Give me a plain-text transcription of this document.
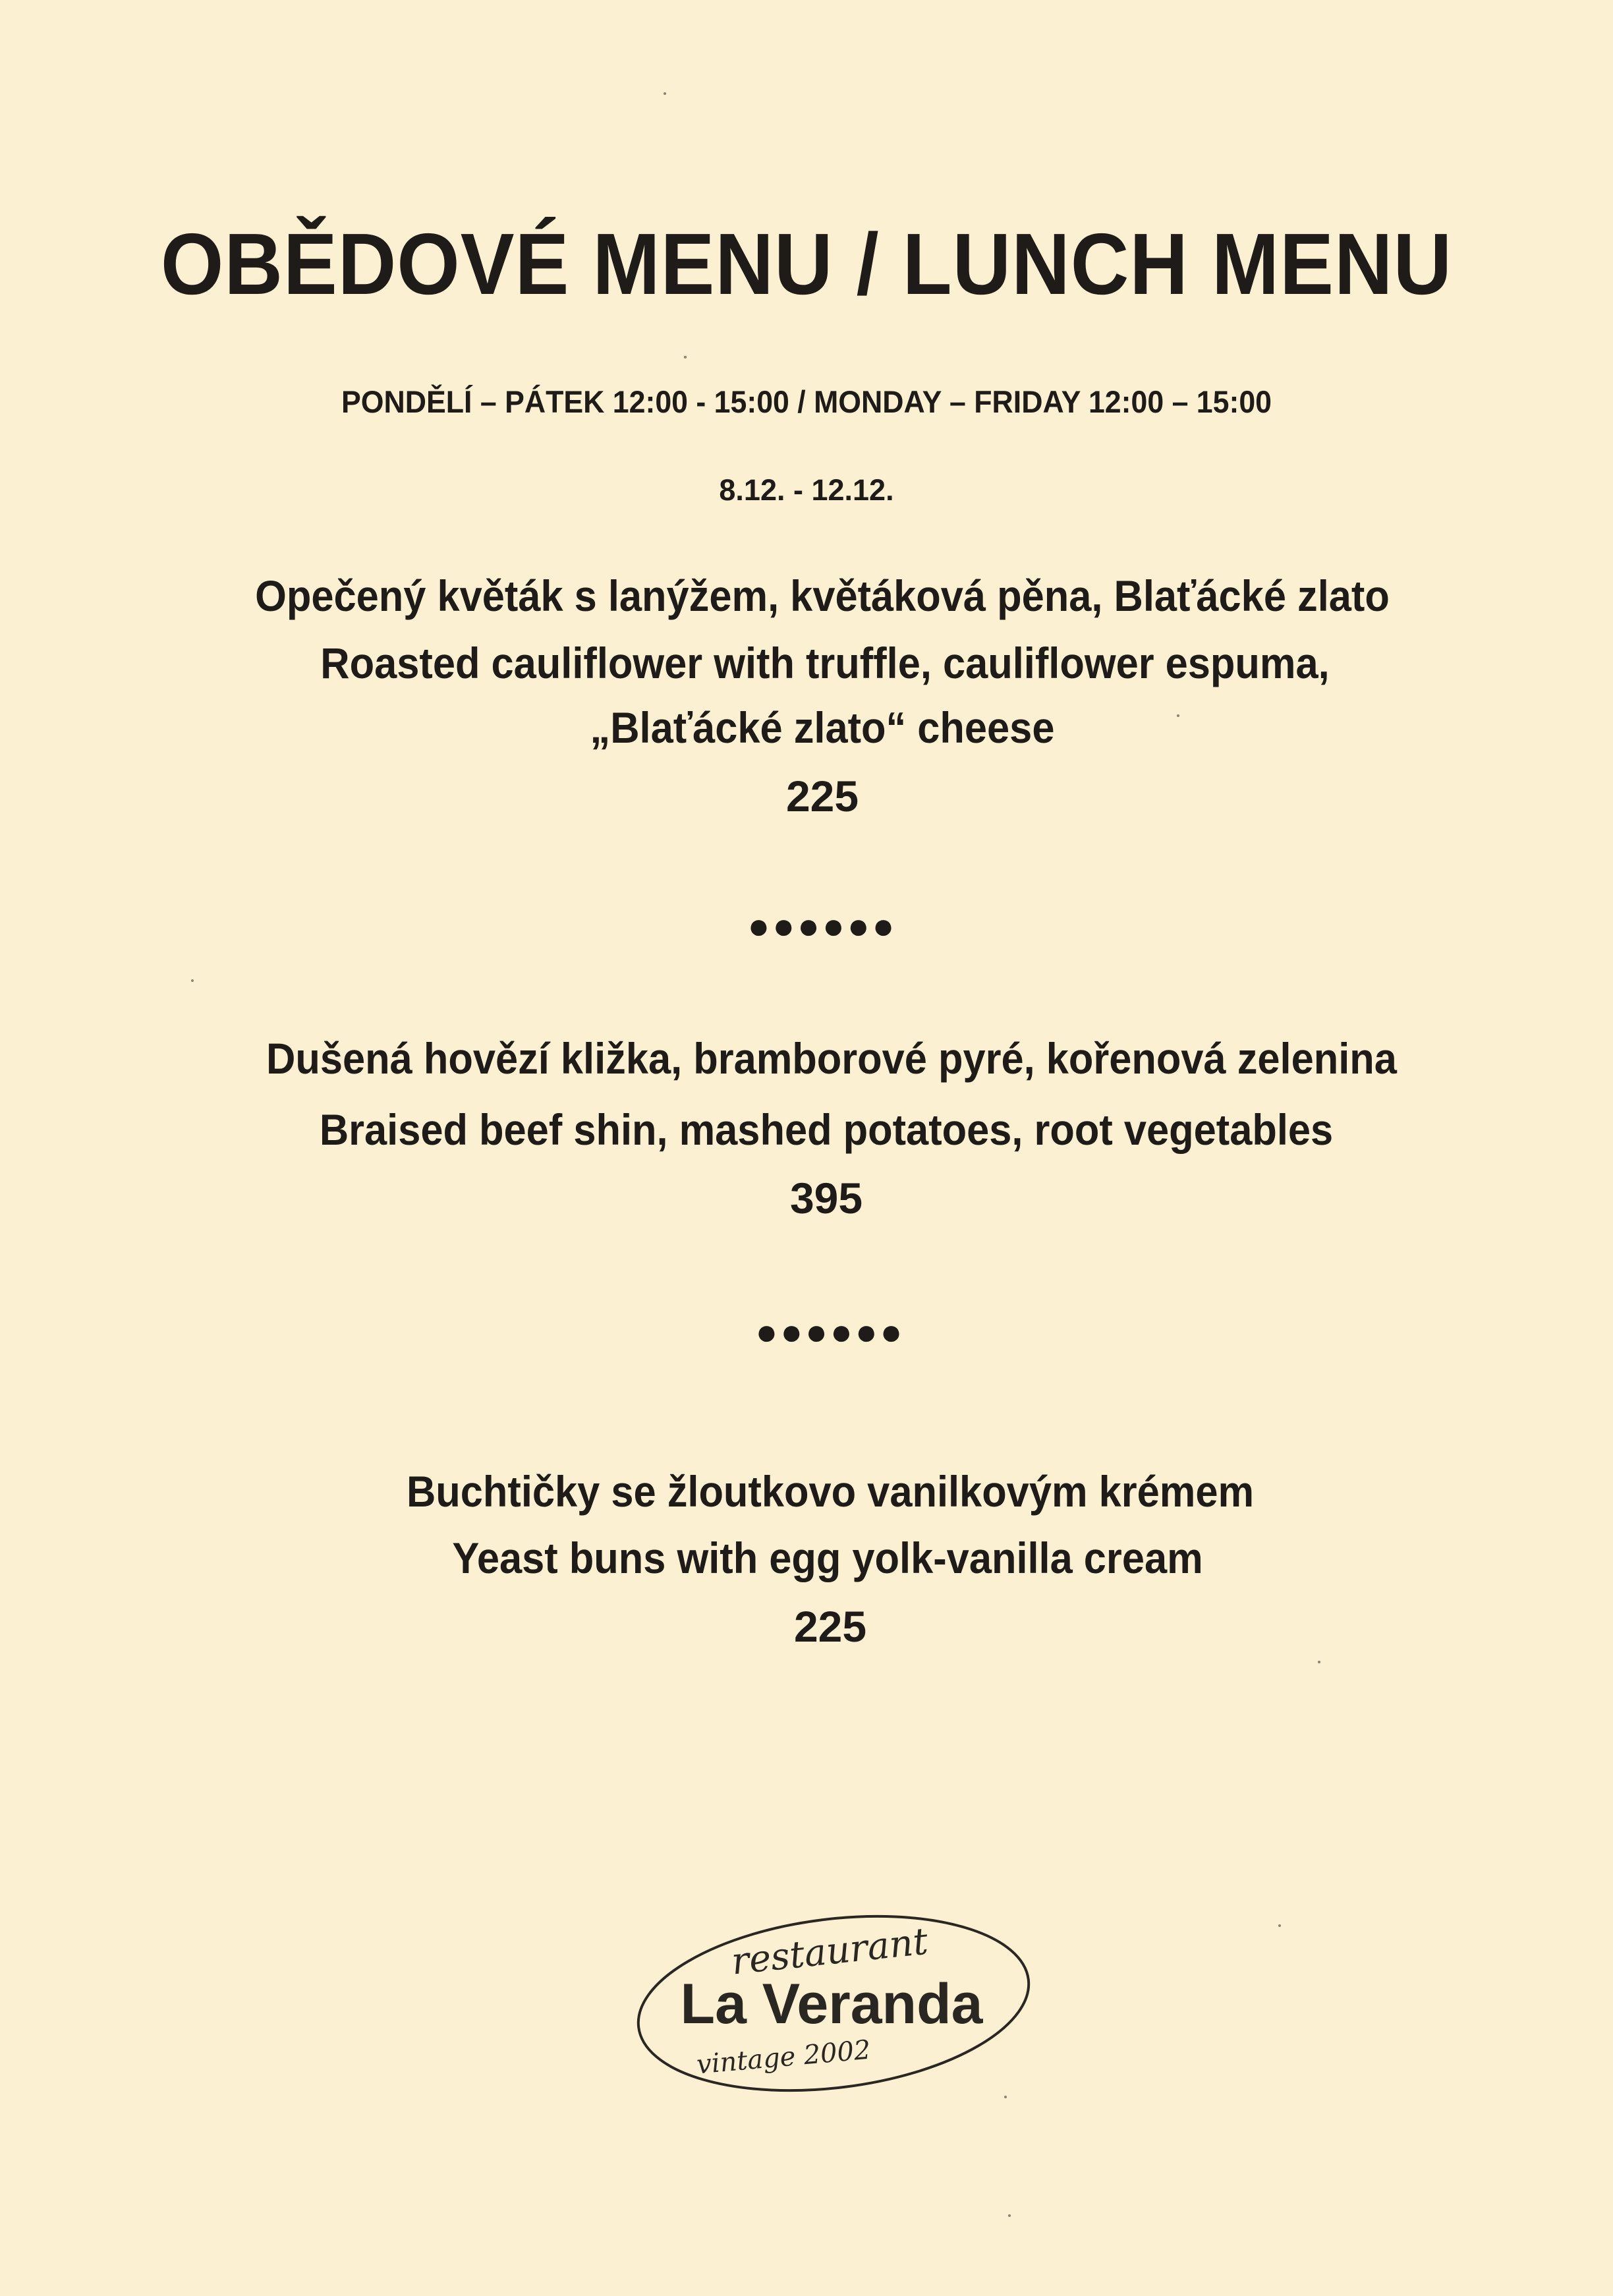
OBĚDOVÉ MENU / LUNCH MENU
PONDĚLÍ – PÁTEK 12:00 - 15:00 / MONDAY – FRIDAY 12:00 – 15:00
8.12. - 12.12.
Opečený květák s lanýžem, květáková pěna, Blaťácké zlato
Roasted cauliflower with truffle, cauliflower espuma,
„Blaťácké zlato“ cheese
225
●●●●●●
Dušená hovězí kližka, bramborové pyré, kořenová zelenina
Braised beef shin, mashed potatoes, root vegetables
395
●●●●●●
Buchtičky se žloutkovo vanilkovým krémem
Yeast buns with egg yolk-vanilla cream
225
restaurant
La Veranda
vintage 2002
